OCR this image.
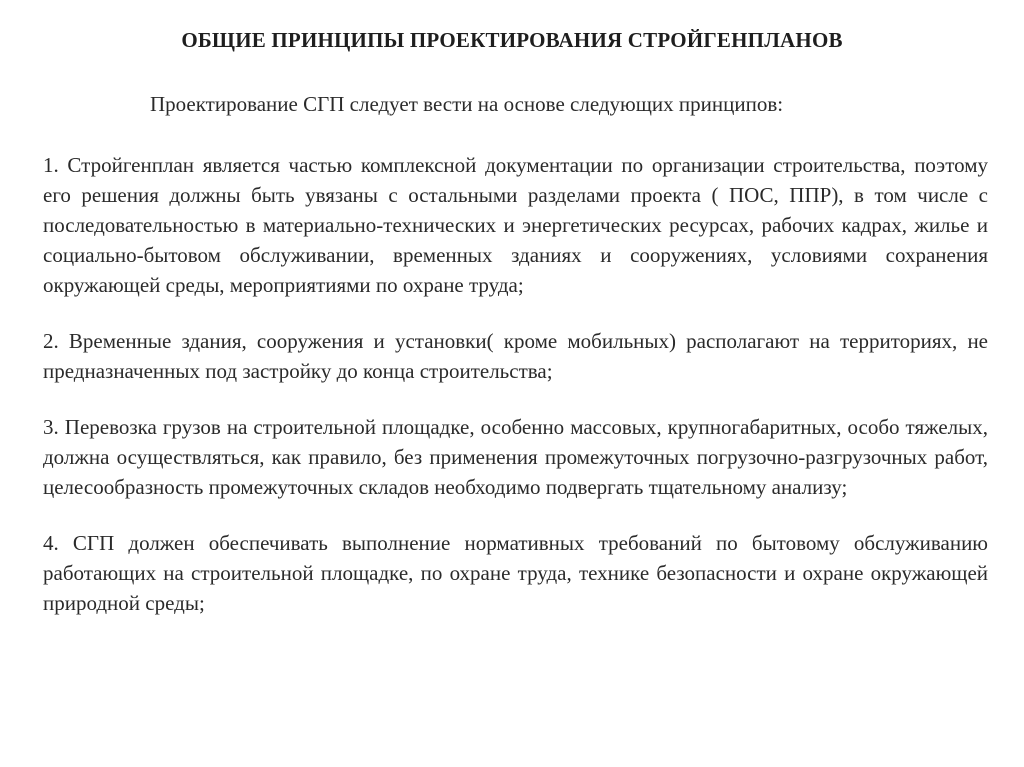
ОБЩИЕ ПРИНЦИПЫ ПРОЕКТИРОВАНИЯ СТРОЙГЕНПЛАНОВ
Проектирование СГП следует вести на основе следующих принципов:

1. Стройгенплан является частью комплексной документации по организации строительства, поэтому его решения должны быть увязаны с остальными разделами проекта ( ПОС, ППР), в том числе с последовательностью в материально-технических и энергетических ресурсах, рабочих кадрах, жилье и социально-бытовом обслуживании, временных зданиях и сооружениях, условиями сохранения окружающей среды, мероприятиями по охране труда;

2. Временные здания, сооружения и установки( кроме мобильных) располагают на территориях, не предназначенных под застройку до конца строительства;

3. Перевозка грузов на строительной площадке, особенно массовых, крупногабаритных, особо тяжелых, должна осуществляться, как правило, без применения промежуточных погрузочно-разгрузочных работ, целесообразность промежуточных складов необходимо подвергать тщательному анализу;

4. СГП должен обеспечивать выполнение нормативных требований по бытовому обслуживанию работающих на строительной площадке, по охране труда, технике безопасности и охране окружающей природной среды;
